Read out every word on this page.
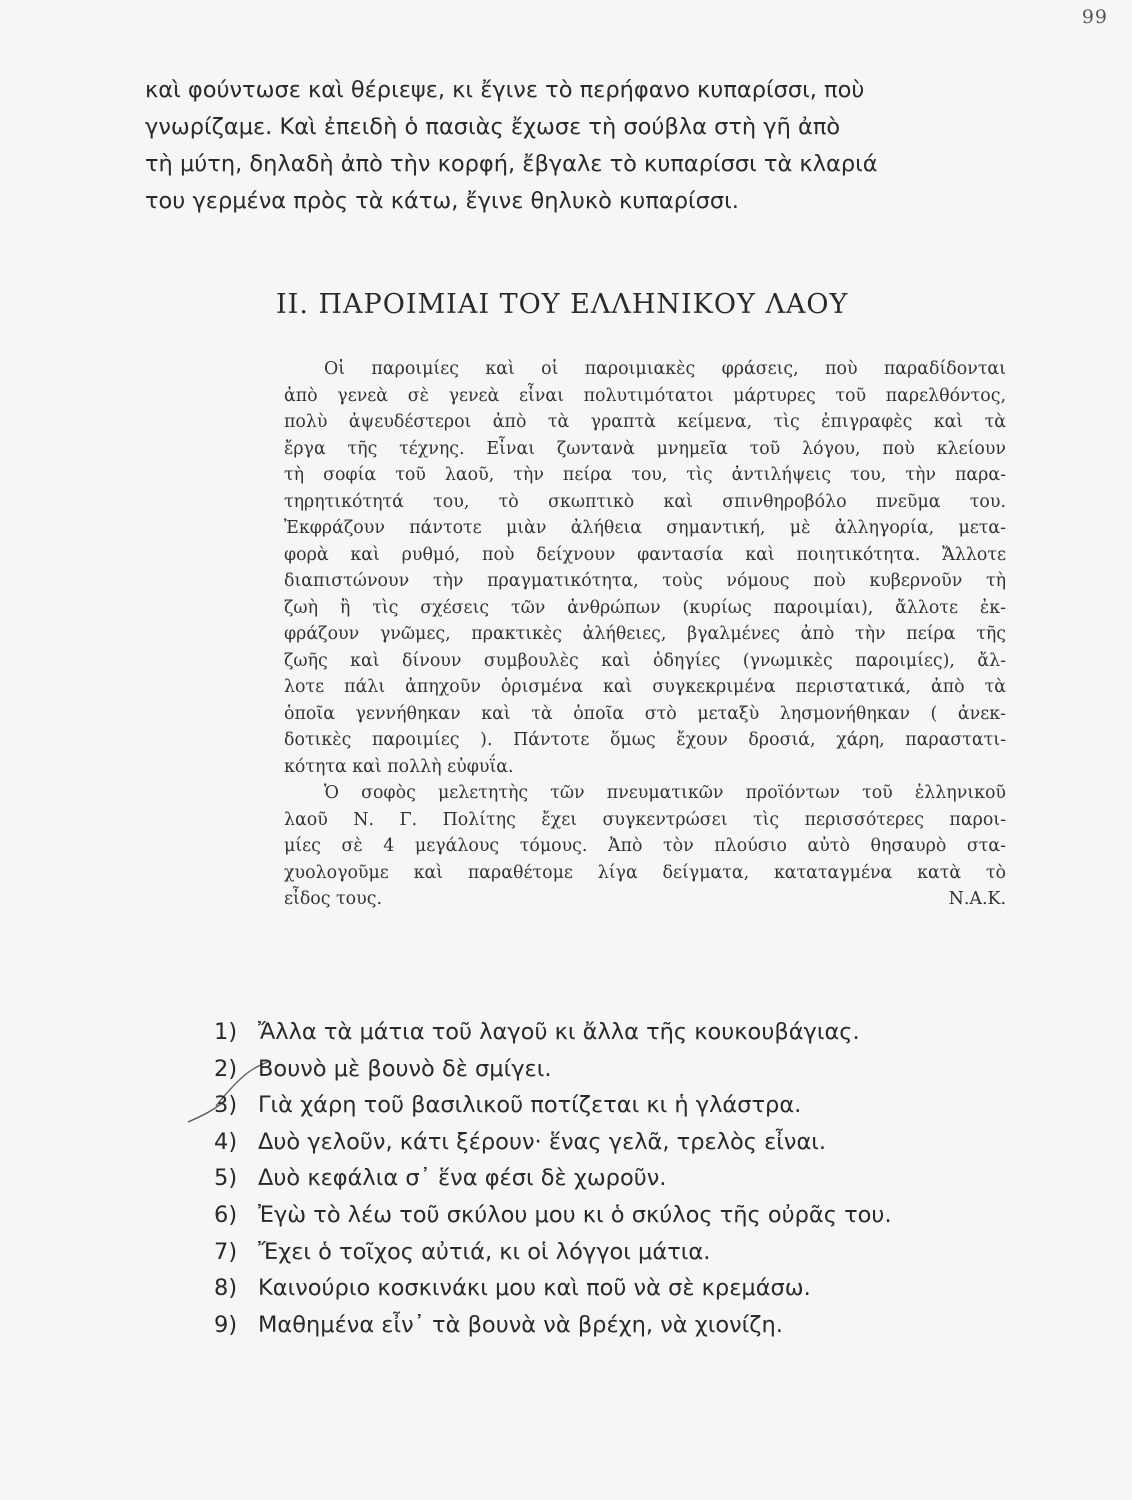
99
καὶ φούντωσε καὶ θέριεψε, κι ἔγινε τὸ περήφανο κυπαρίσσι, ποὺ
γνωρίζαμε. Καὶ ἐπειδὴ ὁ πασιὰς ἔχωσε τὴ σούβλα στὴ γῆ ἀπὸ
τὴ μύτη, δηλαδὴ ἀπὸ τὴν κορφή, ἔβγαλε τὸ κυπαρίσσι τὰ κλαριά
του γερμένα πρὸς τὰ κάτω, ἔγινε θηλυκὸ κυπαρίσσι.
II. ΠΑΡΟΙΜΙΑΙ ΤΟΥ ΕΛΛΗΝΙΚΟΥ ΛΑΟΥ
Οἱ παροιμίες καὶ οἱ παροιμιακὲς φράσεις, ποὺ παραδίδονται
ἀπὸ γενεὰ σὲ γενεὰ εἶναι πολυτιμότατοι μάρτυρες τοῦ παρελθόντος,
πολὺ ἀψευδέστεροι ἀπὸ τὰ γραπτὰ κείμενα, τὶς ἐπιγραφὲς καὶ τὰ
ἔργα τῆς τέχνης. Εἶναι ζωντανὰ μνημεῖα τοῦ λόγου, ποὺ κλείουν
τὴ σοφία τοῦ λαοῦ, τὴν πείρα του, τὶς ἀντιλήψεις του, τὴν παρα-
τηρητικότητά του, τὸ σκωπτικὸ καὶ σπινθηροβόλο πνεῦμα του.
Ἐκφράζουν πάντοτε μιὰν ἀλήθεια σημαντική, μὲ ἀλληγορία, μετα-
φορὰ καὶ ρυθμό, ποὺ δείχνουν φαντασία καὶ ποιητικότητα. Ἄλλοτε
διαπιστώνουν τὴν πραγματικότητα, τοὺς νόμους ποὺ κυβερνοῦν τὴ
ζωὴ ἢ τὶς σχέσεις τῶν ἀνθρώπων (κυρίως παροιμίαι), ἄλλοτε ἐκ-
φράζουν γνῶμες, πρακτικὲς ἀλήθειες, βγαλμένες ἀπὸ τὴν πείρα τῆς
ζωῆς καὶ δίνουν συμβουλὲς καὶ ὁδηγίες (γνωμικὲς παροιμίες), ἄλ-
λοτε πάλι ἀπηχοῦν ὁρισμένα καὶ συγκεκριμένα περιστατικά, ἀπὸ τὰ
ὁποῖα γεννήθηκαν καὶ τὰ ὁποῖα στὸ μεταξὺ λησμονήθηκαν ( ἀνεκ-
δοτικὲς παροιμίες ). Πάντοτε ὅμως ἔχουν δροσιά, χάρη, παραστατι-
κότητα καὶ πολλὴ εὐφυΐα.
Ὁ σοφὸς μελετητὴς τῶν πνευματικῶν προϊόντων τοῦ ἑλληνικοῦ
λαοῦ Ν. Γ. Πολίτης ἔχει συγκεντρώσει τὶς περισσότερες παροι-
μίες σὲ 4 μεγάλους τόμους. Ἀπὸ τὸν πλούσιο αὐτὸ θησαυρὸ στα-
χυολογοῦμε καὶ παραθέτομε λίγα δείγματα, καταταγμένα κατὰ τὸ
εἶδος τους.	Ν.Α.Κ.
1) Ἄλλα τὰ μάτια τοῦ λαγοῦ κι ἄλλα τῆς κουκουβάγιας.
2) Βουνὸ μὲ βουνὸ δὲ σμίγει.
3) Γιὰ χάρη τοῦ βασιλικοῦ ποτίζεται κι ἡ γλάστρα.
4) Δυὸ γελοῦν, κάτι ξέρουν· ἕνας γελᾶ, τρελὸς εἶναι.
5) Δυὸ κεφάλια σ᾿ ἕνα φέσι δὲ χωροῦν.
6) Ἐγὼ τὸ λέω τοῦ σκύλου μου κι ὁ σκύλος τῆς οὐρᾶς του.
7) Ἔχει ὁ τοῖχος αὐτιά, κι οἱ λόγγοι μάτια.
8) Καινούριο κοσκινάκι μου καὶ ποῦ νὰ σὲ κρεμάσω.
9) Μαθημένα εἶν᾿ τὰ βουνὰ νὰ βρέχη, νὰ χιονίζη.
